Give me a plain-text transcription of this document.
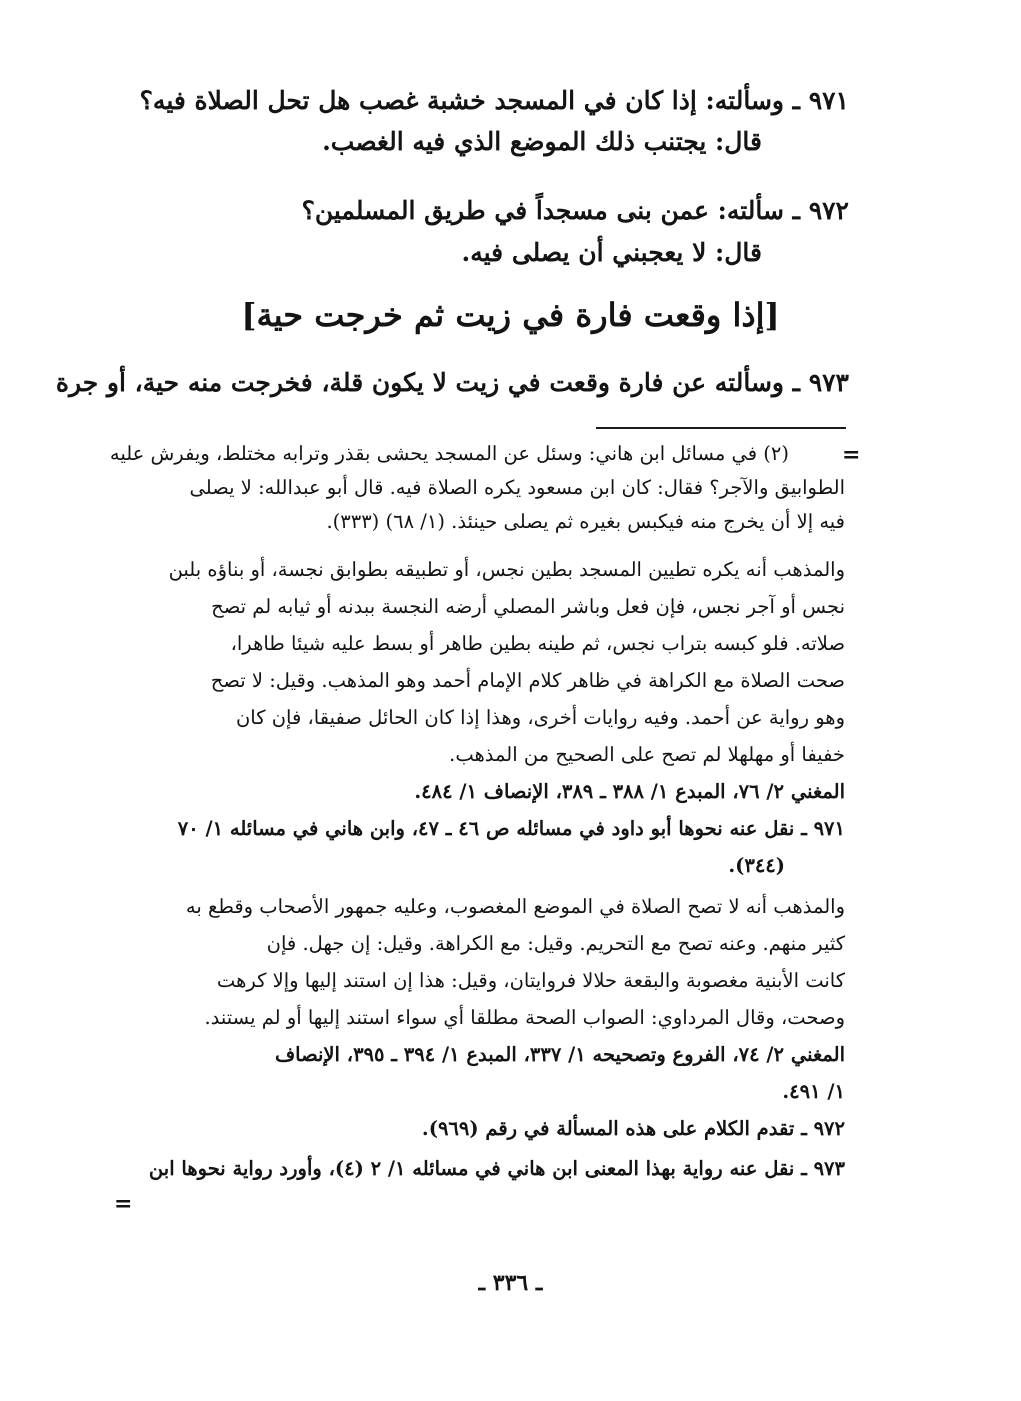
٩٧١ ـ وسألته: إذا كان في المسجد خشبة غصب هل تحل الصلاة فيه؟
قال: يجتنب ذلك الموضع الذي فيه الغصب.
٩٧٢ ـ سألته: عمن بنى مسجداً في طريق المسلمين؟
قال: لا يعجبني أن يصلى فيه.
[إذا وقعت فارة في زيت ثم خرجت حية]
٩٧٣ ـ وسألته عن فارة وقعت في زيت لا يكون قلة، فخرجت منه حية، أو جرة
=
=
(٢) في مسائل ابن هاني: وسئل عن المسجد يحشى بقذر وترابه مختلط، ويفرش عليه
الطوابيق والآجر؟ فقال: كان ابن مسعود يكره الصلاة فيه. قال أبو عبدالله: لا يصلى
فيه إلا أن يخرج منه فيكبس بغيره ثم يصلى حينئذ. (١/ ٦٨) (٣٣٣).
والمذهب أنه يكره تطيين المسجد بطين نجس، أو تطبيقه بطوابق نجسة، أو بناؤه بلبن
نجس أو آجر نجس، فإن فعل وباشر المصلي أرضه النجسة ببدنه أو ثيابه لم تصح
صلاته. فلو كبسه بتراب نجس، ثم طينه بطين طاهر أو بسط عليه شيئا طاهرا،
صحت الصلاة مع الكراهة في ظاهر كلام الإمام أحمد وهو المذهب. وقيل: لا تصح
وهو رواية عن أحمد. وفيه روايات أخرى، وهذا إذا كان الحائل صفيقا، فإن كان
خفيفا أو مهلهلا لم تصح على الصحيح من المذهب.
المغني ٢/ ٧٦، المبدع ١/ ٣٨٨ ـ ٣٨٩، الإنصاف ١/ ٤٨٤.
٩٧١ ـ نقل عنه نحوها أبو داود في مسائله ص ٤٦ ـ ٤٧، وابن هاني في مسائله ١/ ٧٠
(٣٤٤).
والمذهب أنه لا تصح الصلاة في الموضع المغصوب، وعليه جمهور الأصحاب وقطع به
كثير منهم. وعنه تصح مع التحريم. وقيل: مع الكراهة. وقيل: إن جهل. فإن
كانت الأبنية مغصوبة والبقعة حلالا فروايتان، وقيل: هذا إن استند إليها وإلا كرهت
وصحت، وقال المرداوي: الصواب الصحة مطلقا أي سواء استند إليها أو لم يستند.
المغني ٢/ ٧٤، الفروع وتصحيحه ١/ ٣٣٧، المبدع ١/ ٣٩٤ ـ ٣٩٥، الإنصاف
١/ ٤٩١.
٩٧٢ ـ تقدم الكلام على هذه المسألة في رقم (٩٦٩).
٩٧٣ ـ نقل عنه رواية بهذا المعنى ابن هاني في مسائله ١/ ٢ (٤)، وأورد رواية نحوها ابن
ـ ٣٣٦ ـ
